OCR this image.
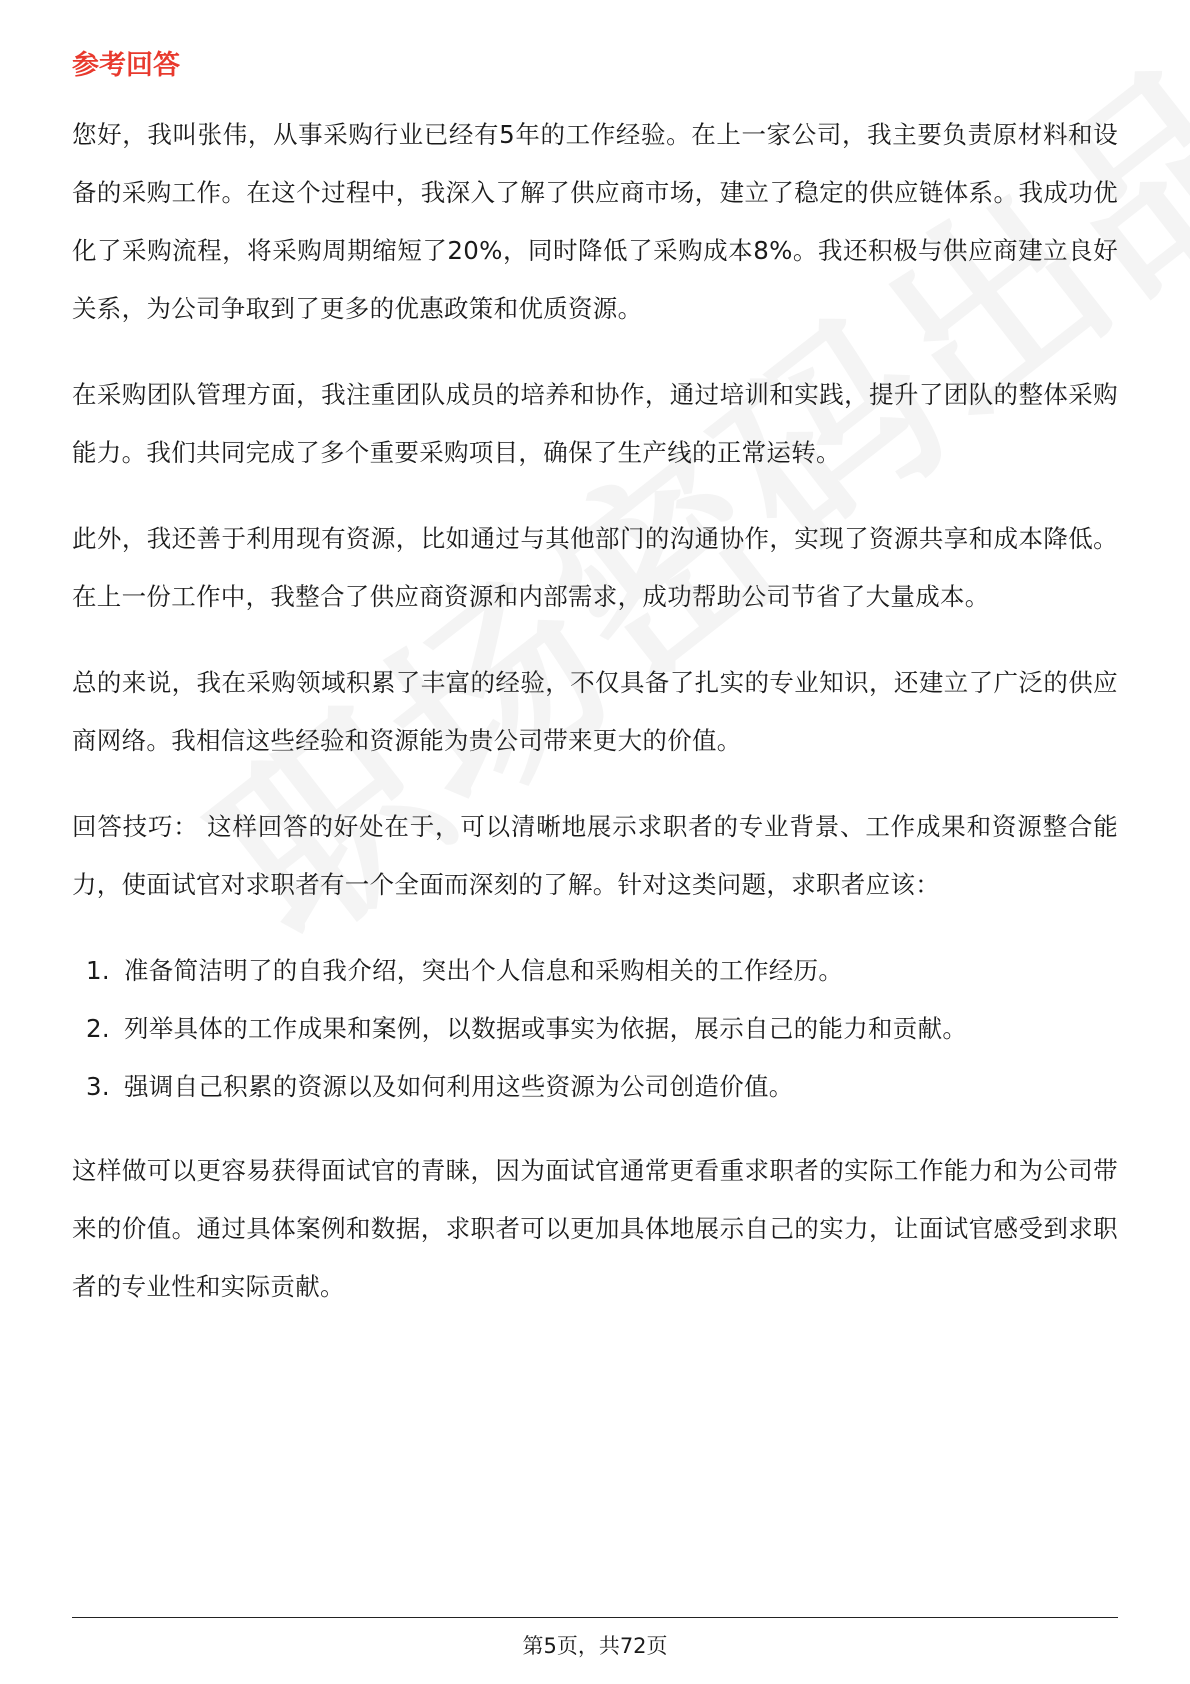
参考回答

您好，我叫张伟，从事采购行业已经有5年的工作经验。在上一家公司，我主要负责原材料和设备的采购工作。在这个过程中，我深入了解了供应商市场，建立了稳定的供应链体系。我成功优化了采购流程，将采购周期缩短了20%，同时降低了采购成本8%。我还积极与供应商建立良好关系，为公司争取到了更多的优惠政策和优质资源。

在采购团队管理方面，我注重团队成员的培养和协作，通过培训和实践，提升了团队的整体采购能力。我们共同完成了多个重要采购项目，确保了生产线的正常运转。

此外，我还善于利用现有资源，比如通过与其他部门的沟通协作，实现了资源共享和成本降低。在上一份工作中，我整合了供应商资源和内部需求，成功帮助公司节省了大量成本。

总的来说，我在采购领域积累了丰富的经验，不仅具备了扎实的专业知识，还建立了广泛的供应商网络。我相信这些经验和资源能为贵公司带来更大的价值。

回答技巧： 这样回答的好处在于，可以清晰地展示求职者的专业背景、工作成果和资源整合能力，使面试官对求职者有一个全面而深刻的了解。针对这类问题，求职者应该：

1. 准备简洁明了的自我介绍，突出个人信息和采购相关的工作经历。
2. 列举具体的工作成果和案例，以数据或事实为依据，展示自己的能力和贡献。
3. 强调自己积累的资源以及如何利用这些资源为公司创造价值。

这样做可以更容易获得面试官的青睐，因为面试官通常更看重求职者的实际工作能力和为公司带来的价值。通过具体案例和数据，求职者可以更加具体地展示自己的实力，让面试官感受到求职者的专业性和实际贡献。

第5页，共72页
